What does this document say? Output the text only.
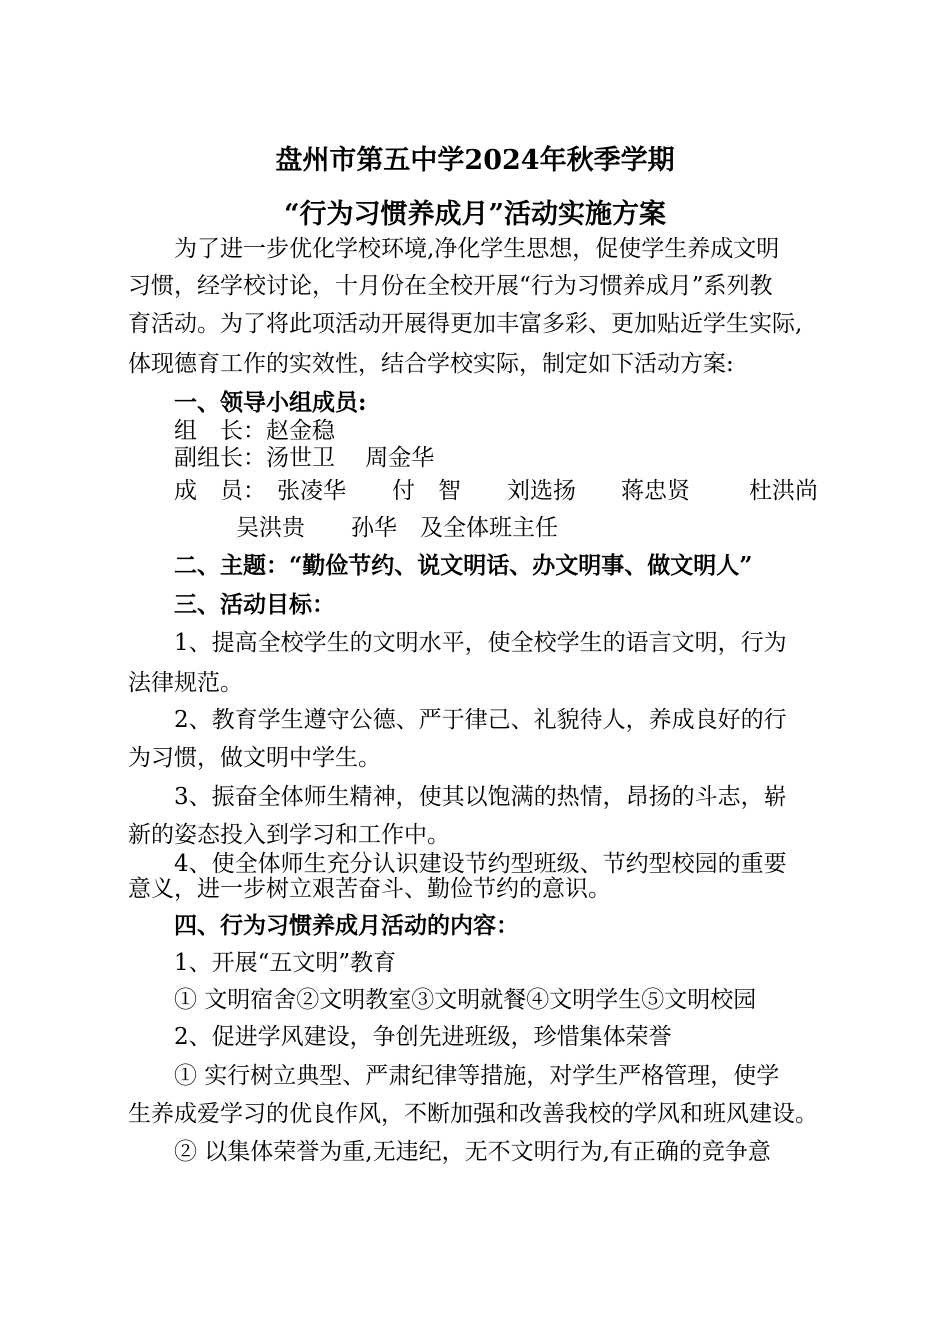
盘州市第五中学2024年秋季学期
“行为习惯养成月”活动实施方案
为了进一步优化学校环境,净化学生思想，促使学生养成文明
习惯，经学校讨论，十月份在全校开展“行为习惯养成月”系列教
育活动。为了将此项活动开展得更加丰富多彩、更加贴近学生实际,
体现德育工作的实效性，结合学校实际，制定如下活动方案:
一、领导小组成员:
组　长：赵金稳
副组长：汤世卫　 周金华
成　员： 张凌华 付　智 刘选扬 蒋忠贤	杜洪尚
吴洪贵　　孙华　及全体班主任
二、主题：“勤俭节约、说文明话、办文明事、做文明人”
三、活动目标：
1、提高全校学生的文明水平，使全校学生的语言文明，行为
法律规范。
2、教育学生遵守公德、严于律己、礼貌待人，养成良好的行
为习惯，做文明中学生。
3、振奋全体师生精神，使其以饱满的热情，昂扬的斗志，崭
新的姿态投入到学习和工作中。
4、使全体师生充分认识建设节约型班级、节约型校园的重要
意义，进一步树立艰苦奋斗、勤俭节约的意识。
四、行为习惯养成月活动的内容：
1、开展“五文明”教育
① 文明宿舍②文明教室③文明就餐④文明学生⑤文明校园
2、促进学风建设，争创先进班级，珍惜集体荣誉
① 实行树立典型、严肃纪律等措施，对学生严格管理，使学
生养成爱学习的优良作风，不断加强和改善我校的学风和班风建设。
② 以集体荣誉为重,无违纪，无不文明行为,有正确的竞争意
